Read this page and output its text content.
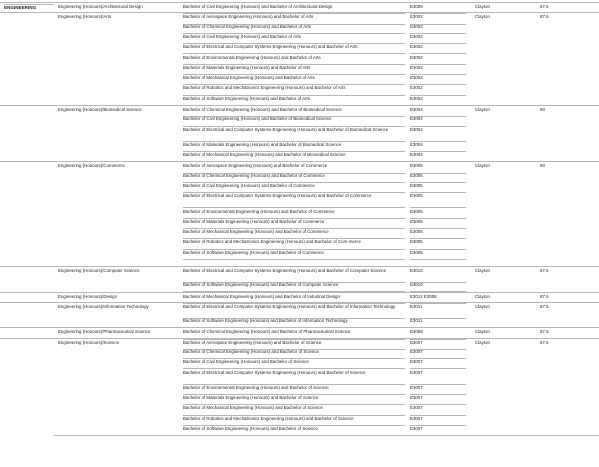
ENGINEERING	Engineering (Honours)/Architectural Design	Clayton	87.5
Bachelor of Civil Engineering (Honours) and Bachelor of Architectural Design	E3009
Engineering (Honours)/Arts	Clayton	87.5
Bachelor of Aerospace Engineering (Honours) and Bachelor of Arts	E3002
Bachelor of Chemical Engineering (Honours) and Bachelor of Arts	E3002
Bachelor of Civil Engineering (Honours) and Bachelor of Arts	E3002
Bachelor of Electrical and Computer Systems Engineering (Honours) and Bachelor of Arts	E3002
Bachelor of Environmental Engineering (Honours) and Bachelor of Arts	E3002
Bachelor of Materials Engineering (Honours) and Bachelor of Arts	E3002
Bachelor of Mechanical Engineering (Honours) and Bachelor of Arts	E3002
Bachelor of Robotics and Mechatronics Engineering (Honours) and Bachelor of Arts	E3002
Bachelor of Software Engineering (Honours) and Bachelor of Arts	E3002
Engineering (Honours)/Biomedical Science	Clayton	90
Bachelor of Chemical Engineering (Honours) and Bachelor of Biomedical Science	E3004
Bachelor of Civil Engineering (Honours) and Bachelor of Biomedical Science	E3004
Bachelor of Electrical and Computer Systems Engineering (Honours) and Bachelor of Biomedical Science	E3004
Bachelor of Materials Engineering (Honours) and Bachelor of Biomedical Science	E3004
Bachelor of Mechanical Engineering (Honours) and Bachelor of Biomedical Science	E3004
Engineering (Honours)/Commerce	Clayton	90
Bachelor of Aerospace Engineering (Honours) and Bachelor of Commerce	E3005
Bachelor of Chemical Engineering (Honours) and Bachelor of Commerce	E3005
Bachelor of Civil Engineering (Honours) and Bachelor of Commerce	E3005
Bachelor of Electrical and Computer Systems Engineering (Honours) and Bachelor of Commerce	E3005
Bachelor of Environmental Engineering (Honours) and Bachelor of Commerce	E3005
Bachelor of Materials Engineering (Honours) and Bachelor of Commerce	E3005
Bachelor of Mechanical Engineering (Honours) and Bachelor of Commerce	E3005
Bachelor of Robotics and Mechatronics Engineering (Honours) and Bachelor of Com-merce	E3005
Bachelor of Software Engineering (Honours) and Bachelor of Commerce	E3005
Engineering (Honours)/Computer Science	Clayton	87.5
Bachelor of Electrical and Computer Systems Engineering (Honours) and Bachelor of Computer Science	E3010
Bachelor of Software Engineering (Honours) and Bachelor of Computer Science	E3010
Engineering (Honours)/Design	Clayton	87.5
Bachelor of Mechanical Engineering (Honours) and Bachelor of Industrial Design	E3012 E3008
Engineering (Honours)/Information Technology	Clayton	87.5
Bachelor of Electrical and Computer Systems Engineering (Honours) and Bachelor of Information Technology	E3011
Bachelor of Software Engineering (Honours) and Bachelor of Information Technology	E3011
Engineering (Honours)/Pharmaceutical Science	Clayton	87.5
Bachelor of Chemical Engineering (Honours) and Bachelor of Pharmaceutical Science	E3008
Engineering (Honours)/Science	Clayton	87.5
Bachelor of Aerospace Engineering (Honours) and Bachelor of Science	E3007
Bachelor of Chemical Engineering (Honours) and Bachelor of Science	E3007
Bachelor of Civil Engineering (Honours) and Bachelor of Science	E3007
Bachelor of Electrical and Computer Systems Engineering (Honours) and Bachelor of Science	E3007
Bachelor of Environmental Engineering (Honours) and Bachelor of Science	E3007
Bachelor of Materials Engineering (Honours) and Bachelor of Science	E3007
Bachelor of Mechanical Engineering (Honours) and Bachelor of Science	E3007
Bachelor of Robotics and Mechatronics Engineering (Honours) and Bachelor of Science	E3007
Bachelor of Software Engineering (Honours) and Bachelor of Science	E3007
